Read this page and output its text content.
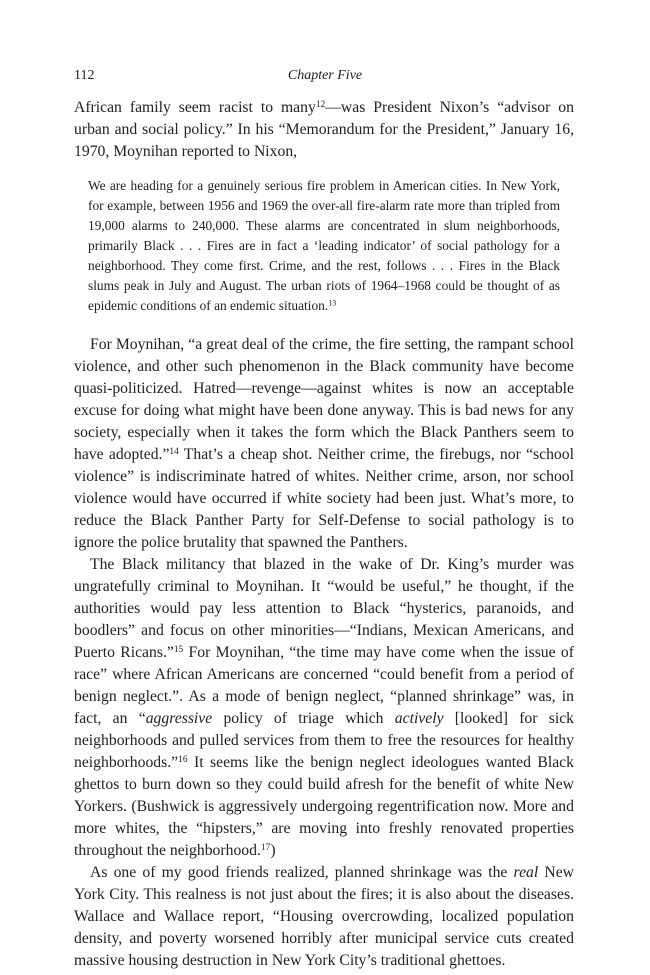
112	Chapter Five

African family seem racist to many$^{12}$—was President Nixon’s “advisor on urban and social policy.” In his “Memorandum for the President,” January 16, 1970, Moynihan reported to Nixon,

We are heading for a genuinely serious fire problem in American cities. In New York, for example, between 1956 and 1969 the over-all fire-alarm rate more than tripled from 19,000 alarms to 240,000. These alarms are concentrated in slum neighborhoods, primarily Black . . . Fires are in fact a ‘leading indicator’ of social pathology for a neighborhood. They come first. Crime, and the rest, follows . . . Fires in the Black slums peak in July and August. The urban riots of 1964–1968 could be thought of as epidemic conditions of an endemic situation.$^{13}$

For Moynihan, “a great deal of the crime, the fire setting, the rampant school violence, and other such phenomenon in the Black community have become quasi-politicized. Hatred—revenge—against whites is now an acceptable excuse for doing what might have been done anyway. This is bad news for any society, especially when it takes the form which the Black Panthers seem to have adopted.”$^{14}$ That’s a cheap shot. Neither crime, the firebugs, nor “school violence” is indiscriminate hatred of whites. Neither crime, arson, nor school violence would have occurred if white society had been just. What’s more, to reduce the Black Panther Party for Self-Defense to social pathology is to ignore the police brutality that spawned the Panthers.

The Black militancy that blazed in the wake of Dr. King’s murder was ungratefully criminal to Moynihan. It “would be useful,” he thought, if the authorities would pay less attention to Black “hysterics, paranoids, and boodlers” and focus on other minorities—“Indians, Mexican Americans, and Puerto Ricans.”$^{15}$ For Moynihan, “the time may have come when the issue of race” where African Americans are concerned “could benefit from a period of benign neglect.”. As a mode of benign neglect, “planned shrinkage” was, in fact, an “aggressive policy of triage which actively [looked] for sick neighborhoods and pulled services from them to free the resources for healthy neighborhoods.”$^{16}$ It seems like the benign neglect ideologues wanted Black ghettos to burn down so they could build afresh for the benefit of white New Yorkers. (Bushwick is aggressively undergoing regentrification now. More and more whites, the “hipsters,” are moving into freshly renovated properties throughout the neighborhood.$^{17}$)

As one of my good friends realized, planned shrinkage was the real New York City. This realness is not just about the fires; it is also about the diseases. Wallace and Wallace report, “Housing overcrowding, localized population density, and poverty worsened horribly after municipal service cuts created massive housing destruction in New York City’s traditional ghettoes.
